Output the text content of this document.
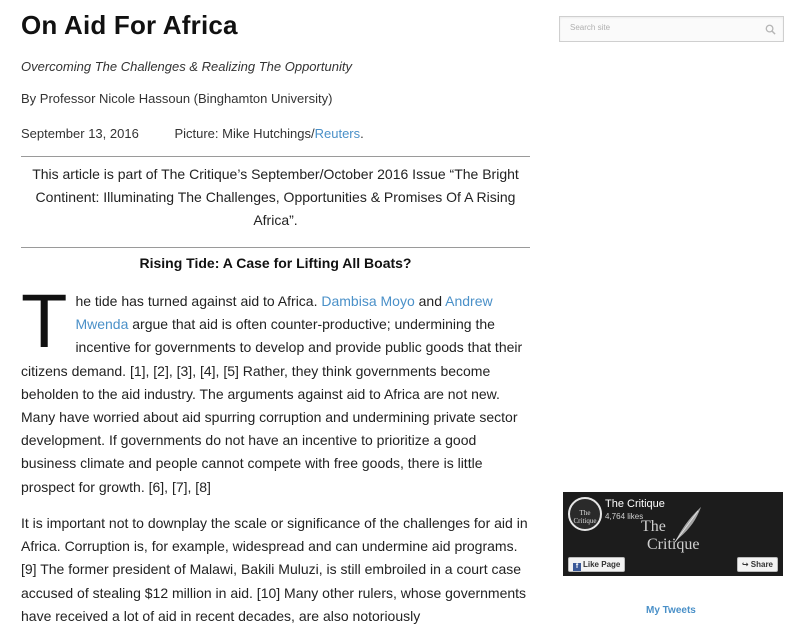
On Aid For Africa
Overcoming The Challenges & Realizing The Opportunity
By Professor Nicole Hassoun (Binghamton University)
September 13, 2016	Picture: Mike Hutchings/Reuters.
This article is part of The Critique’s September/October 2016 Issue “The Bright Continent: Illuminating The Challenges, Opportunities & Promises Of A Rising Africa”.
Rising Tide: A Case for Lifting All Boats?
The tide has turned against aid to Africa. Dambisa Moyo and Andrew Mwenda argue that aid is often counter-productive; undermining the incentive for governments to develop and provide public goods that their citizens demand. [1], [2], [3], [4], [5] Rather, they think governments become beholden to the aid industry. The arguments against aid to Africa are not new. Many have worried about aid spurring corruption and undermining private sector development. If governments do not have an incentive to prioritize a good business climate and people cannot compete with free goods, there is little prospect for growth. [6], [7], [8]
It is important not to downplay the scale or significance of the challenges for aid in Africa. Corruption is, for example, widespread and can undermine aid programs. [9] The former president of Malawi, Bakili Muluzi, is still embroiled in a court case accused of stealing $12 million in aid. [10] Many other rulers, whose governments have received a lot of aid in recent decades, are also notoriously
Search site
The
Critique
The Critique
The Critique
4,764 likes
f Like Page	↪ Share
My Tweets
